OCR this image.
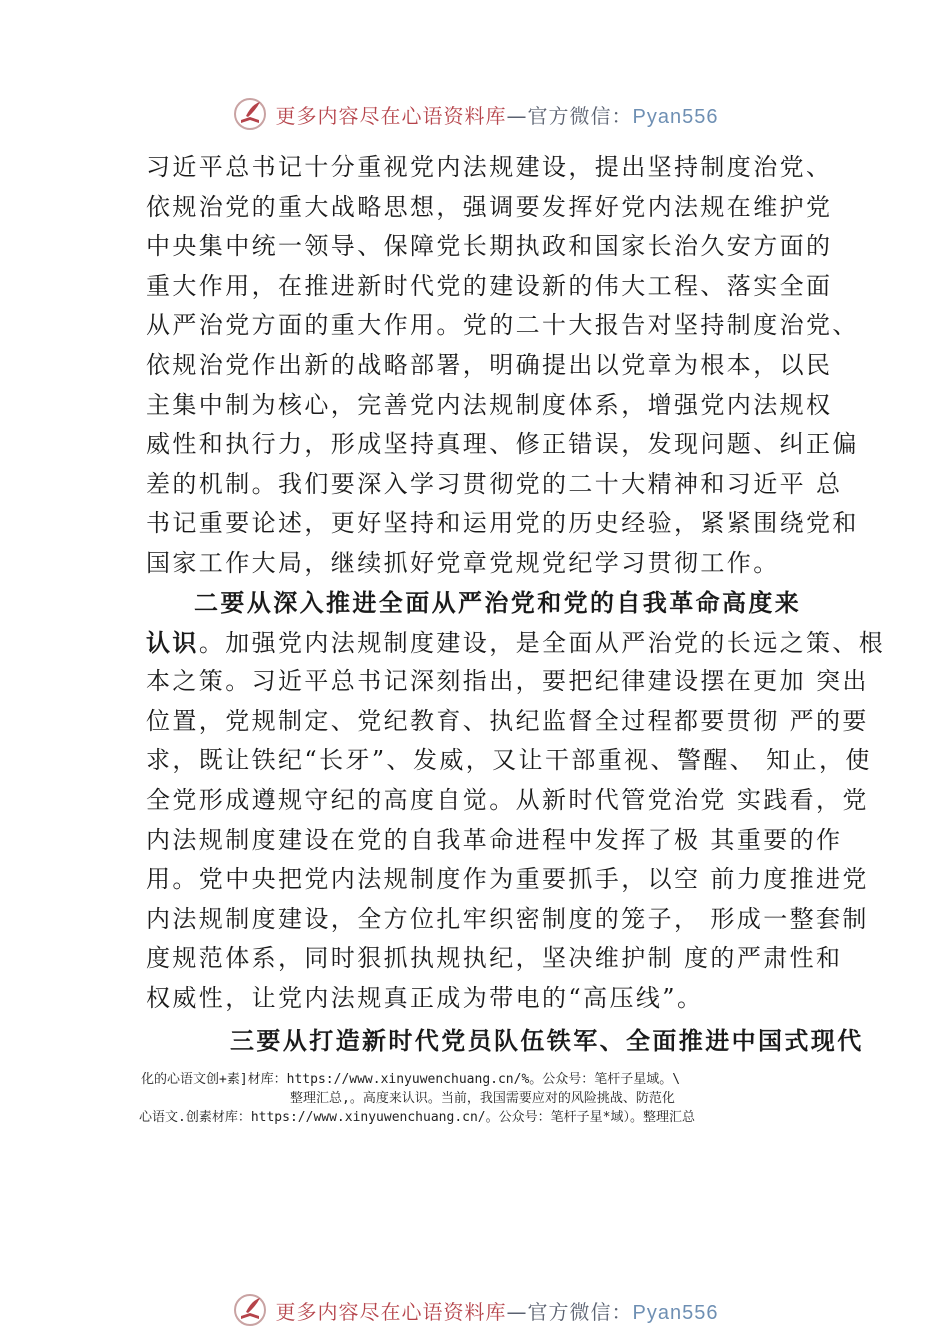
更多内容尽在心语资料库—官方微信：Pyan556
习近平总书记十分重视党内法规建设，提出坚持制度治党、
依规治党的重大战略思想，强调要发挥好党内法规在维护党
中央集中统一领导、保障党长期执政和国家长治久安方面的
重大作用，在推进新时代党的建设新的伟大工程、落实全面
从严治党方面的重大作用。党的二十大报告对坚持制度治党、
依规治党作出新的战略部署，明确提出以党章为根本，以民
主集中制为核心，完善党内法规制度体系，增强党内法规权
威性和执行力，形成坚持真理、修正错误，发现问题、纠正偏
差的机制。我们要深入学习贯彻党的二十大精神和习近平 总
书记重要论述，更好坚持和运用党的历史经验，紧紧围绕党和
国家工作大局，继续抓好党章党规党纪学习贯彻工作。
二要从深入推进全面从严治党和党的自我革命高度来
认识。加强党内法规制度建设，是全面从严治党的长远之策、根
本之策。习近平总书记深刻指出，要把纪律建设摆在更加 突出
位置，党规制定、党纪教育、执纪监督全过程都要贯彻 严的要
求，既让铁纪“长牙”、发威，又让干部重视、警醒、 知止，使
全党形成遵规守纪的高度自觉。从新时代管党治党 实践看，党
内法规制度建设在党的自我革命进程中发挥了极 其重要的作
用。党中央把党内法规制度作为重要抓手，以空 前力度推进党
内法规制度建设，全方位扎牢织密制度的笼子， 形成一整套制
度规范体系，同时狠抓执规执纪，坚决维护制 度的严肃性和
权威性，让党内法规真正成为带电的“高压线”。
三要从打造新时代党员队伍铁军、全面推进中国式现代
化的心语文创+素]材库：https://www.xinyuwenchuang.cn/%。公众号：笔杆子星域。\
整理汇总,。高度来认识。当前，我国需要应对的风险挑战、防范化
心语文.创素材库：https://www.xinyuwenchuang.cn/。公众号：笔杆子星*域）。整理汇总
更多内容尽在心语资料库—官方微信：Pyan556
